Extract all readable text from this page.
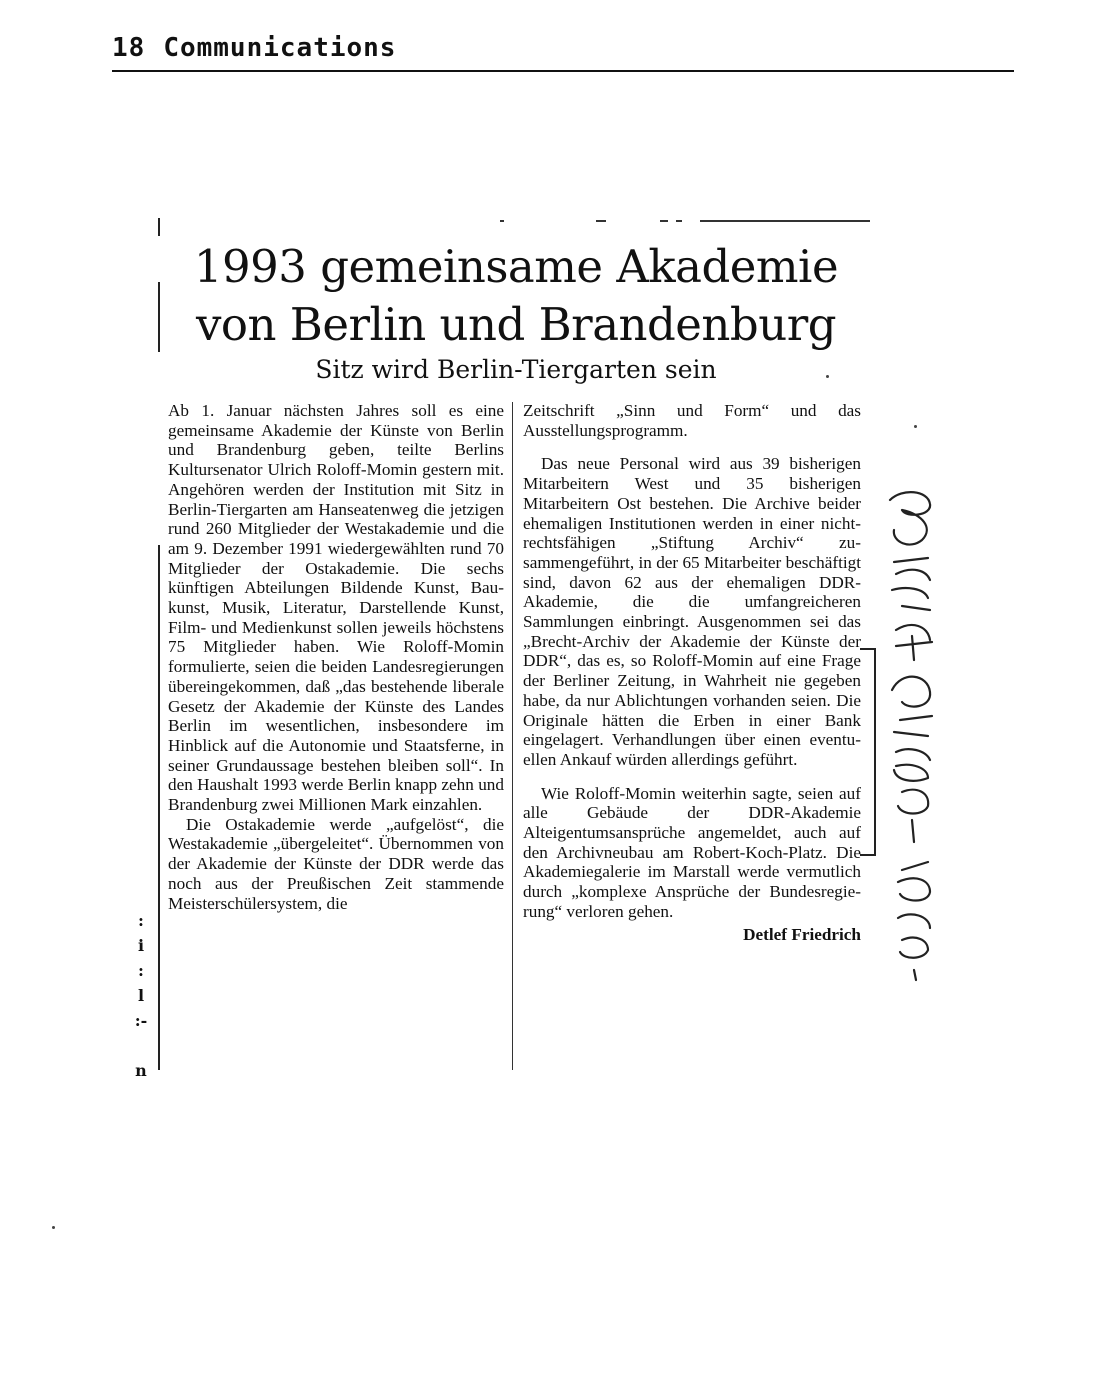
18 Communications
:
i
:
l
:-

n
1993 gemeinsame Akademie
von Berlin und Brandenburg
Sitz wird Berlin-Tiergarten sein

Ab 1. Januar nächsten Jahres soll es eine gemeinsame Akademie der Künste von Berlin und Brandenburg geben, teilte Berlins Kultursenator Ulrich Roloff-Momin gestern mit. Angehören werden der Institution mit Sitz in Berlin-Tiergarten am Hanseatenweg die jetzigen rund 260 Mitglieder der Westakademie und die am 9. Dezember 1991 wiedergewählten rund 70 Mitglieder der Ostakademie. Die sechs künftigen Abteilungen Bildende Kunst, Baukunst, Musik, Literatur, Darstellende Kunst, Film- und Medienkunst sollen jeweils höchstens 75 Mitglieder haben. Wie Roloff-Momin formulierte, seien die beiden Landesregierungen übereingekommen, daß „das bestehende liberale Gesetz der Akademie der Künste des Landes Berlin im wesentlichen, insbesondere im Hinblick auf die Autonomie und Staatsferne, in seiner Grundaussage bestehen bleiben soll“. In den Haushalt 1993 werde Berlin knapp zehn und Brandenburg zwei Millionen Mark einzahlen.

Die Ostakademie werde „aufgelöst“, die Westakademie „übergeleitet“. Übernommen von der Akademie der Künste der DDR werde das noch aus der Preußischen Zeit stammende Meisterschülersystem, die

Zeitschrift „Sinn und Form“ und das Ausstellungsprogramm.

Das neue Personal wird aus 39 bisherigen Mitarbeitern West und 35 bisherigen Mitarbeitern Ost bestehen. Die Archive beider ehemaligen Institutionen werden in einer nichtrechtsfähigen „Stiftung Archiv“ zusammengeführt, in der 65 Mitarbeiter beschäftigt sind, davon 62 aus der ehemaligen DDR-Akademie, die die umfangreicheren Sammlungen einbringt. Ausgenommen sei das „Brecht-Archiv der Akademie der Künste der DDR“, das es, so Roloff-Momin auf eine Frage der Berliner Zeitung, in Wahrheit nie gegeben habe, da nur Ablichtungen vorhanden seien. Die Originale hätten die Erben in einer Bank eingelagert. Verhandlungen über einen eventuellen Ankauf würden allerdings geführt.

Wie Roloff-Momin weiterhin sagte, seien auf alle Gebäude der DDR-Akademie Alteigentumsansprüche angemeldet, auch auf den Archivneubau am Robert-Koch-Platz. Die Akademiegalerie im Marstall werde vermutlich durch „komplexe Ansprüche der Bundesregierung“ verloren gehen.

Detlef Friedrich
